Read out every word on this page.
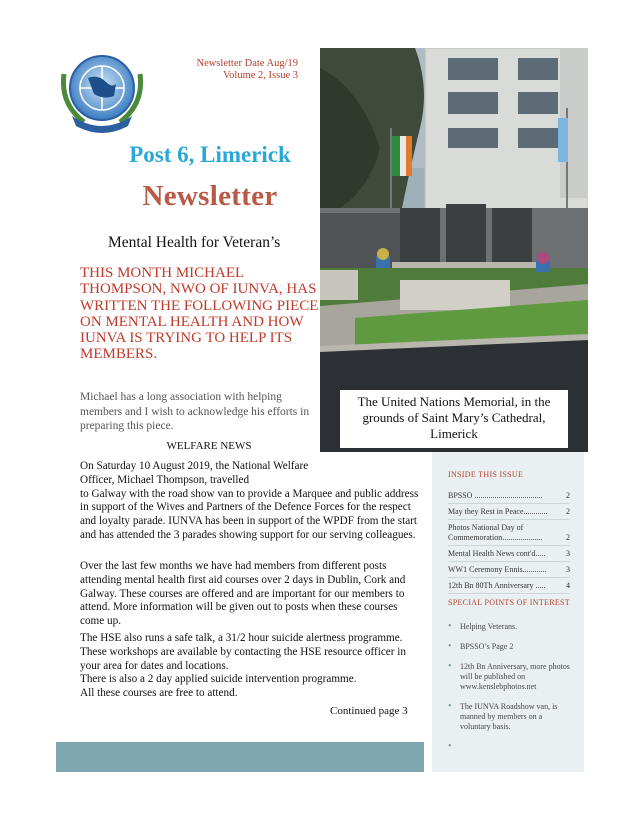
Newsletter Date Aug/19
Volume 2, Issue 3
Post 6, Limerick
Newsletter
Mental Health for Veteran’s
THIS MONTH MICHAEL THOMPSON, NWO OF IUNVA, HAS WRITTEN THE FOLLOWING PIECE ON MENTAL HEALTH AND HOW IUNVA IS TRYING TO HELP ITS MEMBERS.
Michael has a long association with helping members and I wish to acknowledge his efforts in preparing this piece.
WELFARE NEWS
On Saturday 10 August 2019, the National Welfare Officer, Michael Thompson, travelled
to Galway with the road show van to provide a Marquee and public address in support of the Wives and Partners of the Defence Forces for the respect and loyalty parade. IUNVA has been in support of the WPDF from the start and has attended the 3 parades showing support for our serving colleagues.
Over the last few months we have had members from different posts attending mental health first aid courses over 2 days in Dublin, Cork and Galway. These courses are offered and are important for our members to attend. More information will be given out to posts when these courses come up.
The HSE also runs a safe talk, a 31/2 hour suicide alertness programme. These workshops are available by contacting the HSE resource officer in your area for dates and locations.
There is also a 2 day applied suicide intervention programme.
All these courses are free to attend.
Continued page 3
The United Nations Memorial, in the grounds of Saint Mary’s Cathedral, Limerick
INSIDE THIS ISSUE
BPSSO ..................................	2
May they Rest in Peace............	2
Photos National Day of Commemoration....................	2
Mental Health News cont'd.....	3
WW1 Ceremony Ennis............	3
12th Bn 80Th Anniversary .....	4
SPECIAL POINTS OF INTEREST
• Helping Veterans.
• BPSSO’s Page 2
• 12th Bn Anniversary, more photos will be published on www.kenslebphotos.net
• The IUNVA Roadshow van, is manned by members on a voluntary basis.
